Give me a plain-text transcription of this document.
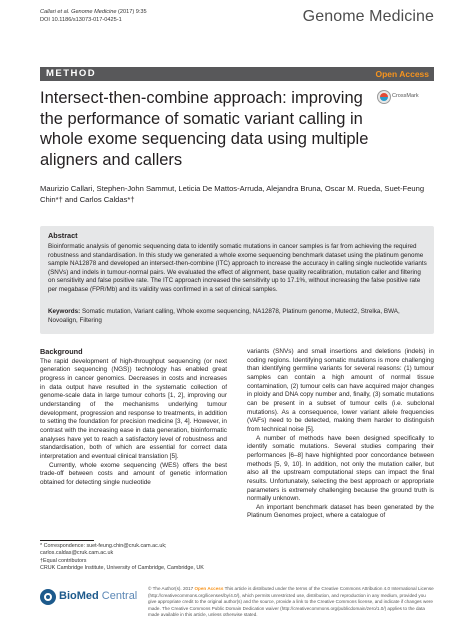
Callari et al. Genome Medicine (2017) 9:35
DOI 10.1186/s13073-017-0425-1	Genome Medicine
METHOD	Open Access
Intersect-then-combine approach: improving the performance of somatic variant calling in whole exome sequencing data using multiple aligners and callers
CrossMark
Maurizio Callari, Stephen-John Sammut, Leticia De Mattos-Arruda, Alejandra Bruna, Oscar M. Rueda, Suet-Feung Chin*† and Carlos Caldas*†
Abstract

Bioinformatic analysis of genomic sequencing data to identify somatic mutations in cancer samples is far from achieving the required robustness and standardisation. In this study we generated a whole exome sequencing benchmark dataset using the platinum genome sample NA12878 and developed an intersect-then-combine (ITC) approach to increase the accuracy in calling single nucleotide variants (SNVs) and indels in tumour-normal pairs. We evaluated the effect of alignment, base quality recalibration, mutation caller and filtering on sensitivity and false positive rate. The ITC approach increased the sensitivity up to 17.1%, without increasing the false positive rate per megabase (FPR/Mb) and its validity was confirmed in a set of clinical samples.

Keywords: Somatic mutation, Variant calling, Whole exome sequencing, NA12878, Platinum genome, Mutect2, Strelka, BWA, Novoalign, Filtering

Background

The rapid development of high-throughput sequencing (or next generation sequencing (NGS)) technology has enabled great progress in cancer genomics. Decreases in costs and increases in data output have resulted in the systematic collection of genome-scale data in large tumour cohorts [1, 2], improving our understanding of the mechanisms underlying tumour development, progression and response to treatments, in addition to setting the foundation for precision medicine [3, 4]. However, in contrast with the increasing ease in data generation, bioinformatic analyses have yet to reach a satisfactory level of robustness and standardisation, both of which are essential for correct data interpretation and eventual clinical translation [5].

Currently, whole exome sequencing (WES) offers the best trade-off between costs and amount of genetic information obtained for detecting single nucleotide

variants (SNVs) and small insertions and deletions (indels) in coding regions. Identifying somatic mutations is more challenging than identifying germline variants for several reasons: (1) tumour samples can contain a high amount of normal tissue contamination, (2) tumour cells can have acquired major changes in ploidy and DNA copy number and, finally, (3) somatic mutations can be present in a subset of tumour cells (i.e. subclonal mutations). As a consequence, lower variant allele frequencies (VAFs) need to be detected, making them harder to distinguish from technical noise [5].

A number of methods have been designed specifically to identify somatic mutations. Several studies comparing their performances [6–8] have highlighted poor concordance between methods [5, 9, 10]. In addition, not only the mutation caller, but also all the upstream computational steps can impact the final results. Unfortunately, selecting the best approach or appropriate parameters is extremely challenging because the ground truth is normally unknown.

An important benchmark dataset has been generated by the Platinum Genomes project, where a catalogue of

* Correspondence: suet-feung.chin@cruk.cam.ac.uk;
carlos.caldas@cruk.cam.ac.uk
†Equal contributors
CRUK Cambridge Institute, University of Cambridge, Cambridge, UK
BioMed Central
© The Author(s). 2017 Open Access This article is distributed under the terms of the Creative Commons Attribution 4.0 International License (http://creativecommons.org/licenses/by/4.0/), which permits unrestricted use, distribution, and reproduction in any medium, provided you give appropriate credit to the original author(s) and the source, provide a link to the Creative Commons license, and indicate if changes were made. The Creative Commons Public Domain Dedication waiver (http://creativecommons.org/publicdomain/zero/1.0/) applies to the data made available in this article, unless otherwise stated.
